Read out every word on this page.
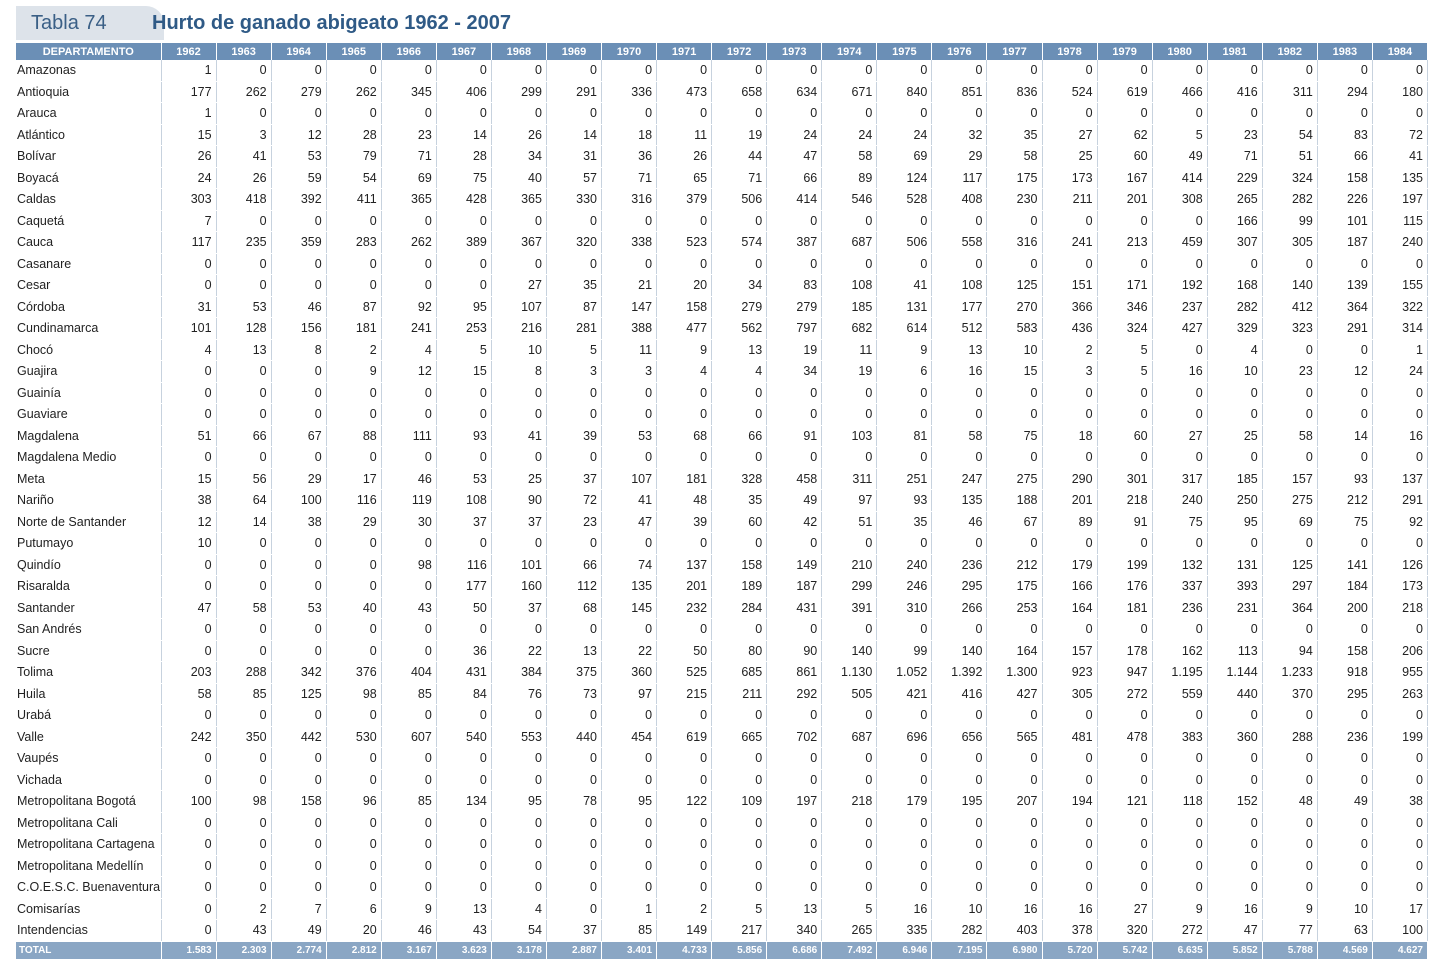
Tabla 74	Hurto de ganado abigeato 1962 - 2007
DEPARTAMENTO	1962	1963	1964	1965	1966	1967	1968	1969	1970	1971	1972	1973	1974	1975	1976	1977	1978	1979	1980	1981	1982	1983	1984
Amazonas	1	0	0	0	0	0	0	0	0	0	0	0	0	0	0	0	0	0	0	0	0	0	0
Antioquia	177	262	279	262	345	406	299	291	336	473	658	634	671	840	851	836	524	619	466	416	311	294	180
Arauca	1	0	0	0	0	0	0	0	0	0	0	0	0	0	0	0	0	0	0	0	0	0	0
Atlántico	15	3	12	28	23	14	26	14	18	11	19	24	24	24	32	35	27	62	5	23	54	83	72
Bolívar	26	41	53	79	71	28	34	31	36	26	44	47	58	69	29	58	25	60	49	71	51	66	41
Boyacá	24	26	59	54	69	75	40	57	71	65	71	66	89	124	117	175	173	167	414	229	324	158	135
Caldas	303	418	392	411	365	428	365	330	316	379	506	414	546	528	408	230	211	201	308	265	282	226	197
Caquetá	7	0	0	0	0	0	0	0	0	0	0	0	0	0	0	0	0	0	0	166	99	101	115
Cauca	117	235	359	283	262	389	367	320	338	523	574	387	687	506	558	316	241	213	459	307	305	187	240
Casanare	0	0	0	0	0	0	0	0	0	0	0	0	0	0	0	0	0	0	0	0	0	0	0
Cesar	0	0	0	0	0	0	27	35	21	20	34	83	108	41	108	125	151	171	192	168	140	139	155
Córdoba	31	53	46	87	92	95	107	87	147	158	279	279	185	131	177	270	366	346	237	282	412	364	322
Cundinamarca	101	128	156	181	241	253	216	281	388	477	562	797	682	614	512	583	436	324	427	329	323	291	314
Chocó	4	13	8	2	4	5	10	5	11	9	13	19	11	9	13	10	2	5	0	4	0	0	1
Guajira	0	0	0	9	12	15	8	3	3	4	4	34	19	6	16	15	3	5	16	10	23	12	24
Guainía	0	0	0	0	0	0	0	0	0	0	0	0	0	0	0	0	0	0	0	0	0	0	0
Guaviare	0	0	0	0	0	0	0	0	0	0	0	0	0	0	0	0	0	0	0	0	0	0	0
Magdalena	51	66	67	88	111	93	41	39	53	68	66	91	103	81	58	75	18	60	27	25	58	14	16
Magdalena Medio	0	0	0	0	0	0	0	0	0	0	0	0	0	0	0	0	0	0	0	0	0	0	0
Meta	15	56	29	17	46	53	25	37	107	181	328	458	311	251	247	275	290	301	317	185	157	93	137
Nariño	38	64	100	116	119	108	90	72	41	48	35	49	97	93	135	188	201	218	240	250	275	212	291
Norte de Santander	12	14	38	29	30	37	37	23	47	39	60	42	51	35	46	67	89	91	75	95	69	75	92
Putumayo	10	0	0	0	0	0	0	0	0	0	0	0	0	0	0	0	0	0	0	0	0	0	0
Quindío	0	0	0	0	98	116	101	66	74	137	158	149	210	240	236	212	179	199	132	131	125	141	126
Risaralda	0	0	0	0	0	177	160	112	135	201	189	187	299	246	295	175	166	176	337	393	297	184	173
Santander	47	58	53	40	43	50	37	68	145	232	284	431	391	310	266	253	164	181	236	231	364	200	218
San Andrés	0	0	0	0	0	0	0	0	0	0	0	0	0	0	0	0	0	0	0	0	0	0	0
Sucre	0	0	0	0	0	36	22	13	22	50	80	90	140	99	140	164	157	178	162	113	94	158	206
Tolima	203	288	342	376	404	431	384	375	360	525	685	861	1.130	1.052	1.392	1.300	923	947	1.195	1.144	1.233	918	955
Huila	58	85	125	98	85	84	76	73	97	215	211	292	505	421	416	427	305	272	559	440	370	295	263
Urabá	0	0	0	0	0	0	0	0	0	0	0	0	0	0	0	0	0	0	0	0	0	0	0
Valle	242	350	442	530	607	540	553	440	454	619	665	702	687	696	656	565	481	478	383	360	288	236	199
Vaupés	0	0	0	0	0	0	0	0	0	0	0	0	0	0	0	0	0	0	0	0	0	0	0
Vichada	0	0	0	0	0	0	0	0	0	0	0	0	0	0	0	0	0	0	0	0	0	0	0
Metropolitana Bogotá	100	98	158	96	85	134	95	78	95	122	109	197	218	179	195	207	194	121	118	152	48	49	38
Metropolitana Cali	0	0	0	0	0	0	0	0	0	0	0	0	0	0	0	0	0	0	0	0	0	0	0
Metropolitana Cartagena	0	0	0	0	0	0	0	0	0	0	0	0	0	0	0	0	0	0	0	0	0	0	0
Metropolitana Medellín	0	0	0	0	0	0	0	0	0	0	0	0	0	0	0	0	0	0	0	0	0	0	0
C.O.E.S.C. Buenaventura	0	0	0	0	0	0	0	0	0	0	0	0	0	0	0	0	0	0	0	0	0	0	0
Comisarías	0	2	7	6	9	13	4	0	1	2	5	13	5	16	10	16	16	27	9	16	9	10	17
Intendencias	0	43	49	20	46	43	54	37	85	149	217	340	265	335	282	403	378	320	272	47	77	63	100
TOTAL	1.583	2.303	2.774	2.812	3.167	3.623	3.178	2.887	3.401	4.733	5.856	6.686	7.492	6.946	7.195	6.980	5.720	5.742	6.635	5.852	5.788	4.569	4.627
